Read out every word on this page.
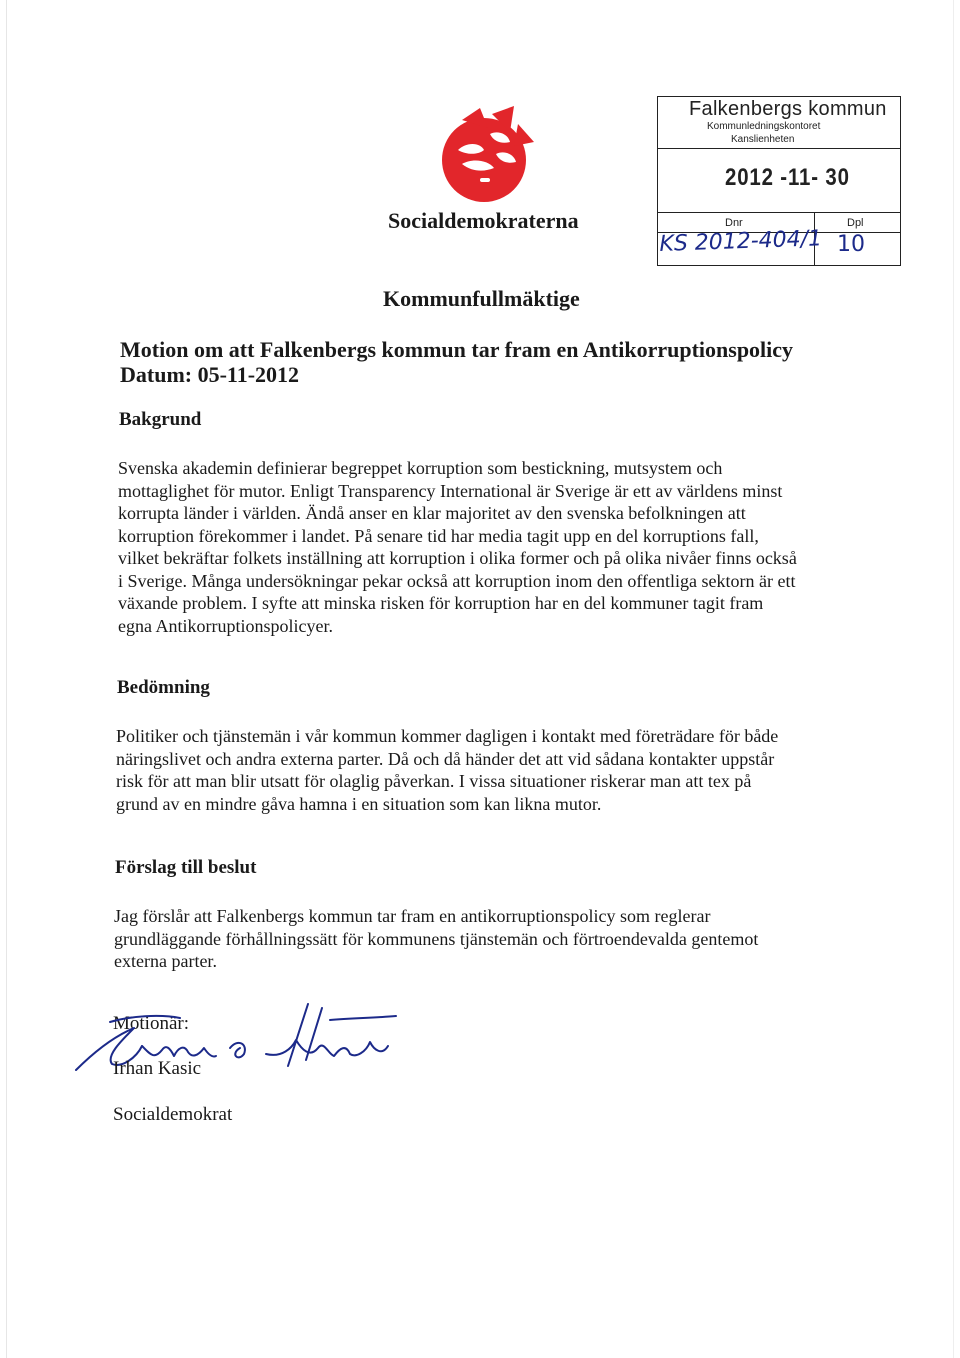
Socialdemokraterna
Falkenbergs kommun
Kommunledningskontoret
Kanslienheten
2012 -11- 30
Dnr	Dpl
KS 2012-404/1 10
Kommunfullmäktige
Motion om att Falkenbergs kommun tar fram en Antikorruptionspolicy
Datum: 05-11-2012
Bakgrund
Svenska akademin definierar begreppet korruption som bestickning, mutsystem och
mottaglighet för mutor. Enligt Transparency International är Sverige är ett av världens minst
korrupta länder i världen. Ändå anser en klar majoritet av den svenska befolkningen att
korruption förekommer i landet. På senare tid har media tagit upp en del korruptions fall,
vilket bekräftar folkets inställning att korruption i olika former och på olika nivåer finns också
i Sverige. Många undersökningar pekar också att korruption inom den offentliga sektorn är ett
växande problem. I syfte att minska risken för korruption har en del kommuner tagit fram
egna Antikorruptionspolicyer.
Bedömning
Politiker och tjänstemän i vår kommun kommer dagligen i kontakt med företrädare för både
näringslivet och andra externa parter. Då och då händer det att vid sådana kontakter uppstår
risk för att man blir utsatt för olaglig påverkan. I vissa situationer riskerar man att tex på
grund av en mindre gåva hamna i en situation som kan likna mutor.
Förslag till beslut
Jag förslår att Falkenbergs kommun tar fram en antikorruptionspolicy som reglerar
grundläggande förhållningssätt för kommunens tjänstemän och förtroendevalda gentemot
externa parter.
Motionär:
Irhan Kasic
Socialdemokrat
